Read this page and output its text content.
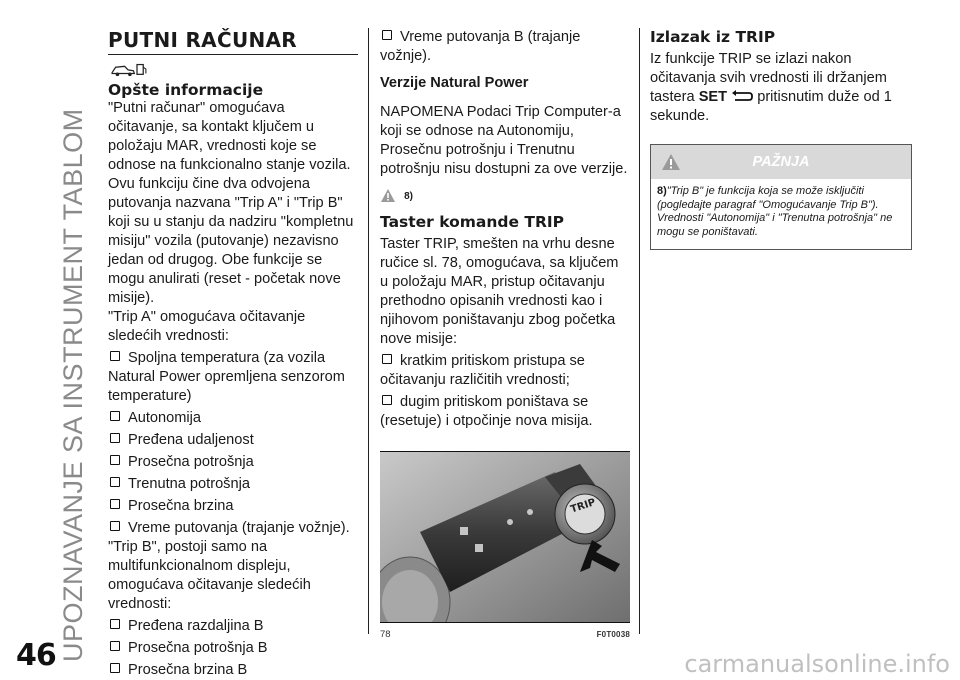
UPOZNAVANJE SA INSTRUMENT TABLOM
46	carmanualsonline.info
PUTNI RAČUNAR
Opšte informacije

"Putni računar" omogućava očitavanje, sa kontakt ključem u položaju MAR, vrednosti koje se odnose na funkcionalno stanje vozila. Ovu funkciju čine dva odvojena putovanja nazvana "Trip A" i "Trip B" koji su u stanju da nadziru "kompletnu misiju" vozila (putovanje) nezavisno jedan od drugog. Obe funkcije se mogu anulirati (reset - početak nove misije).

"Trip A" omogućava očitavanje sledećih vrednosti:

Spoljna temperatura (za vozila Natural Power opremljena senzorom temperature)
Autonomija
Pređena udaljenost
Prosečna potrošnja
Trenutna potrošnja
Prosečna brzina
Vreme putovanja (trajanje vožnje).

"Trip B", postoji samo na multifunkcionalnom displeju, omogućava očitavanje sledećih vrednosti:

Pređena razdaljina B
Prosečna potrošnja B
Prosečna brzina B
Vreme putovanja B (trajanje vožnje).

Verzije Natural Power

NAPOMENA Podaci Trip Computer-a koji se odnose na Autonomiju, Prosečnu potrošnju i Trenutnu potrošnju nisu dostupni za ove verzije.

8)
Taster komande TRIP

Taster TRIP, smešten na vrhu desne ručice sl. 78, omogućava, sa ključem u položaju MAR, pristup očitavanju prethodno opisanih vrednosti kao i njihovom poništavanju zbog početka nove misije:

kratkim pritiskom pristupa se očitavanju različitih vrednosti;
dugim pritiskom poništava se (resetuje) i otpočinje nova misija.
TRIP
78	F0T0038
Izlazak iz TRIP

Iz funkcije TRIP se izlazi nakon očitavanja svih vrednosti ili držanjem tastera SET pritisnutim duže od 1 sekunde.

PAŽNJA
8)"Trip B" je funkcija koja se može isključiti (pogledajte paragraf "Omogućavanje Trip B"). Vrednosti "Autonomija" i "Trenutna potrošnja" ne mogu se poništavati.
